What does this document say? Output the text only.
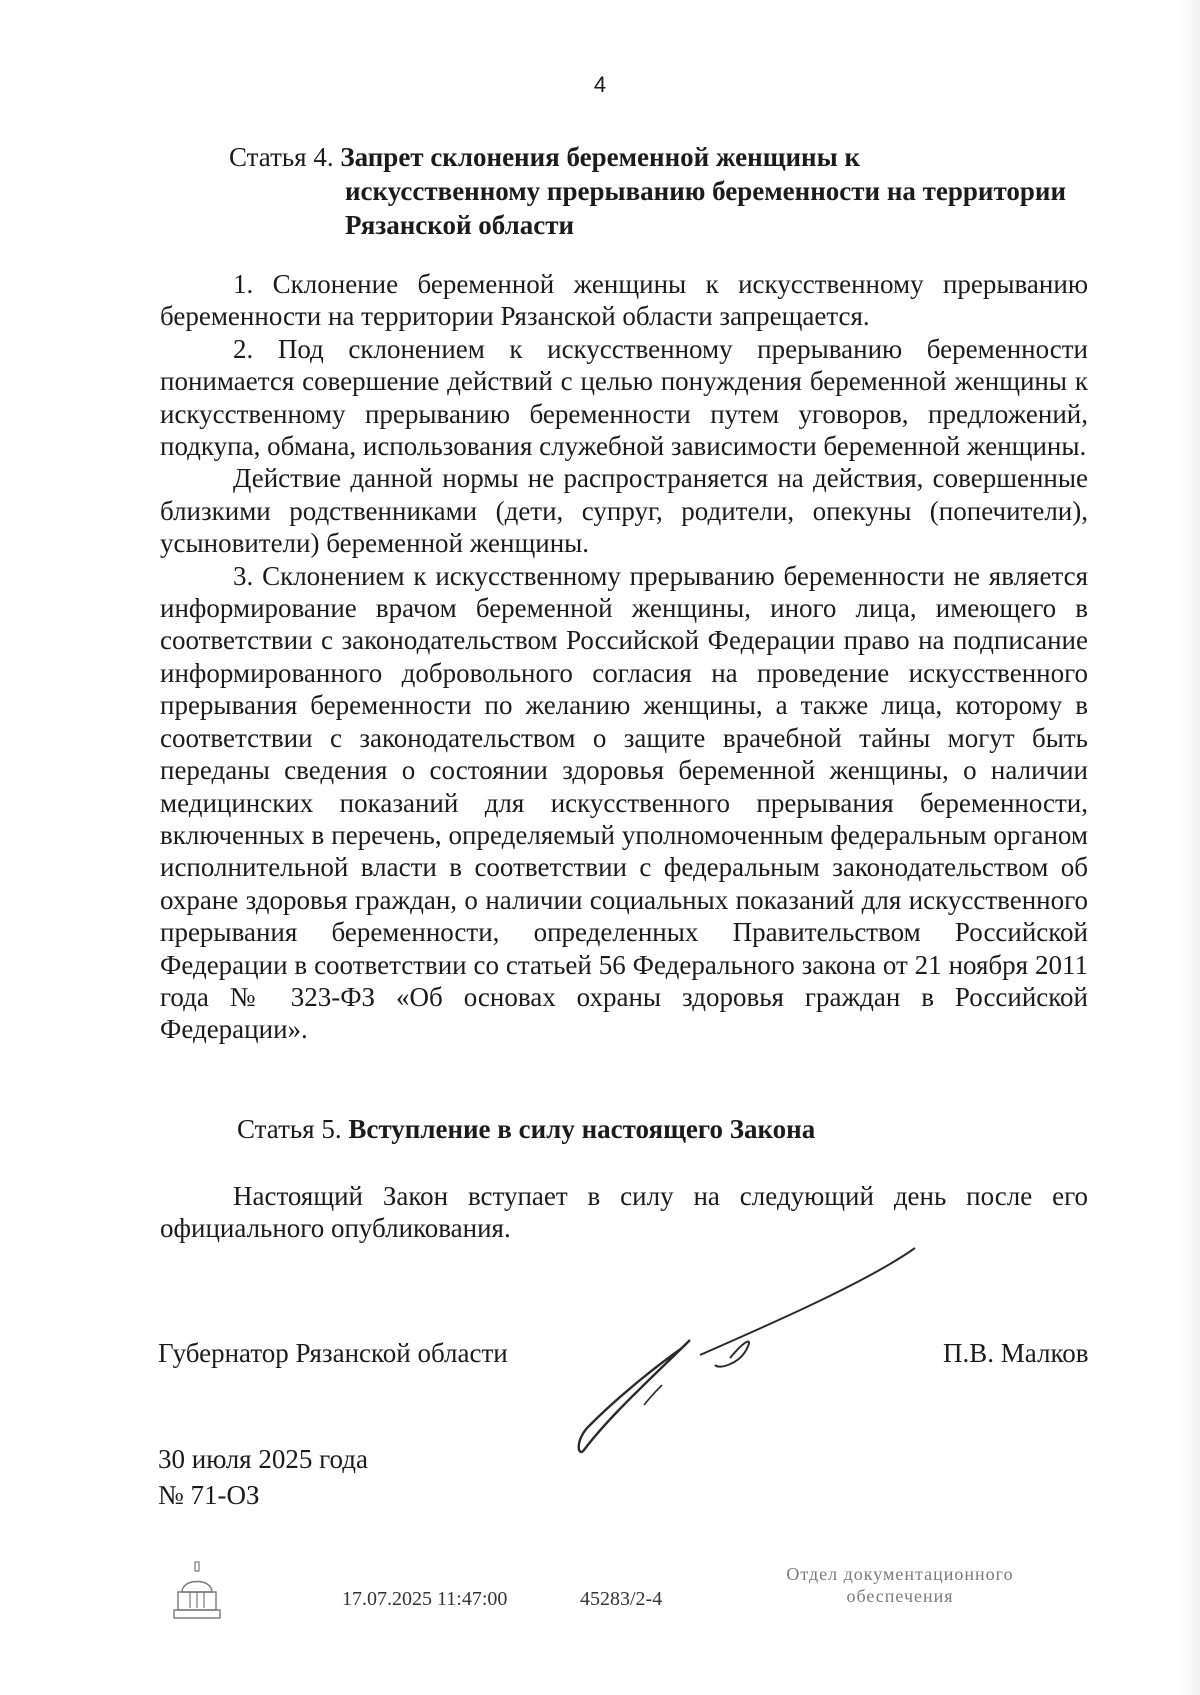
4
Статья 4. Запрет склонения беременной женщины к
искусственному прерыванию беременности на территории
Рязанской области

1. Склонение беременной женщины к искусственному прерыванию беременности на территории Рязанской области запрещается.

2. Под склонением к искусственному прерыванию беременности понимается совершение действий с целью понуждения беременной женщины к искусственному прерыванию беременности путем уговоров, предложений, подкупа, обмана, использования служебной зависимости беременной женщины.

Действие данной нормы не распространяется на действия, совершенные близкими родственниками (дети, супруг, родители, опекуны (попечители), усыновители) беременной женщины.

3. Склонением к искусственному прерыванию беременности не является информирование врачом беременной женщины, иного лица, имеющего в соответствии с законодательством Российской Федерации право на подписание информированного добровольного согласия на проведение искусственного прерывания беременности по желанию женщины, а также лица, которому в соответствии с законодательством о защите врачебной тайны могут быть переданы сведения о состоянии здоровья беременной женщины, о наличии медицинских показаний для искусственного прерывания беременности, включенных в перечень, определяемый уполномоченным федеральным органом исполнительной власти в соответствии с федеральным законодательством об охране здоровья граждан, о наличии социальных показаний для искусственного прерывания беременности, определенных Правительством Российской Федерации в соответствии со статьей 56 Федерального закона от 21 ноября 2011 года № 323-ФЗ «Об основах охраны здоровья граждан в Российской Федерации».

Статья 5. Вступление в силу настоящего Закона

Настоящий Закон вступает в силу на следующий день после его официального опубликования.

Губернатор Рязанской области	П.В. Малков
30 июля 2025 года
№ 71-ОЗ
17.07.2025 11:47:00	45283/2-4
Отдел документационного
обеспечения
